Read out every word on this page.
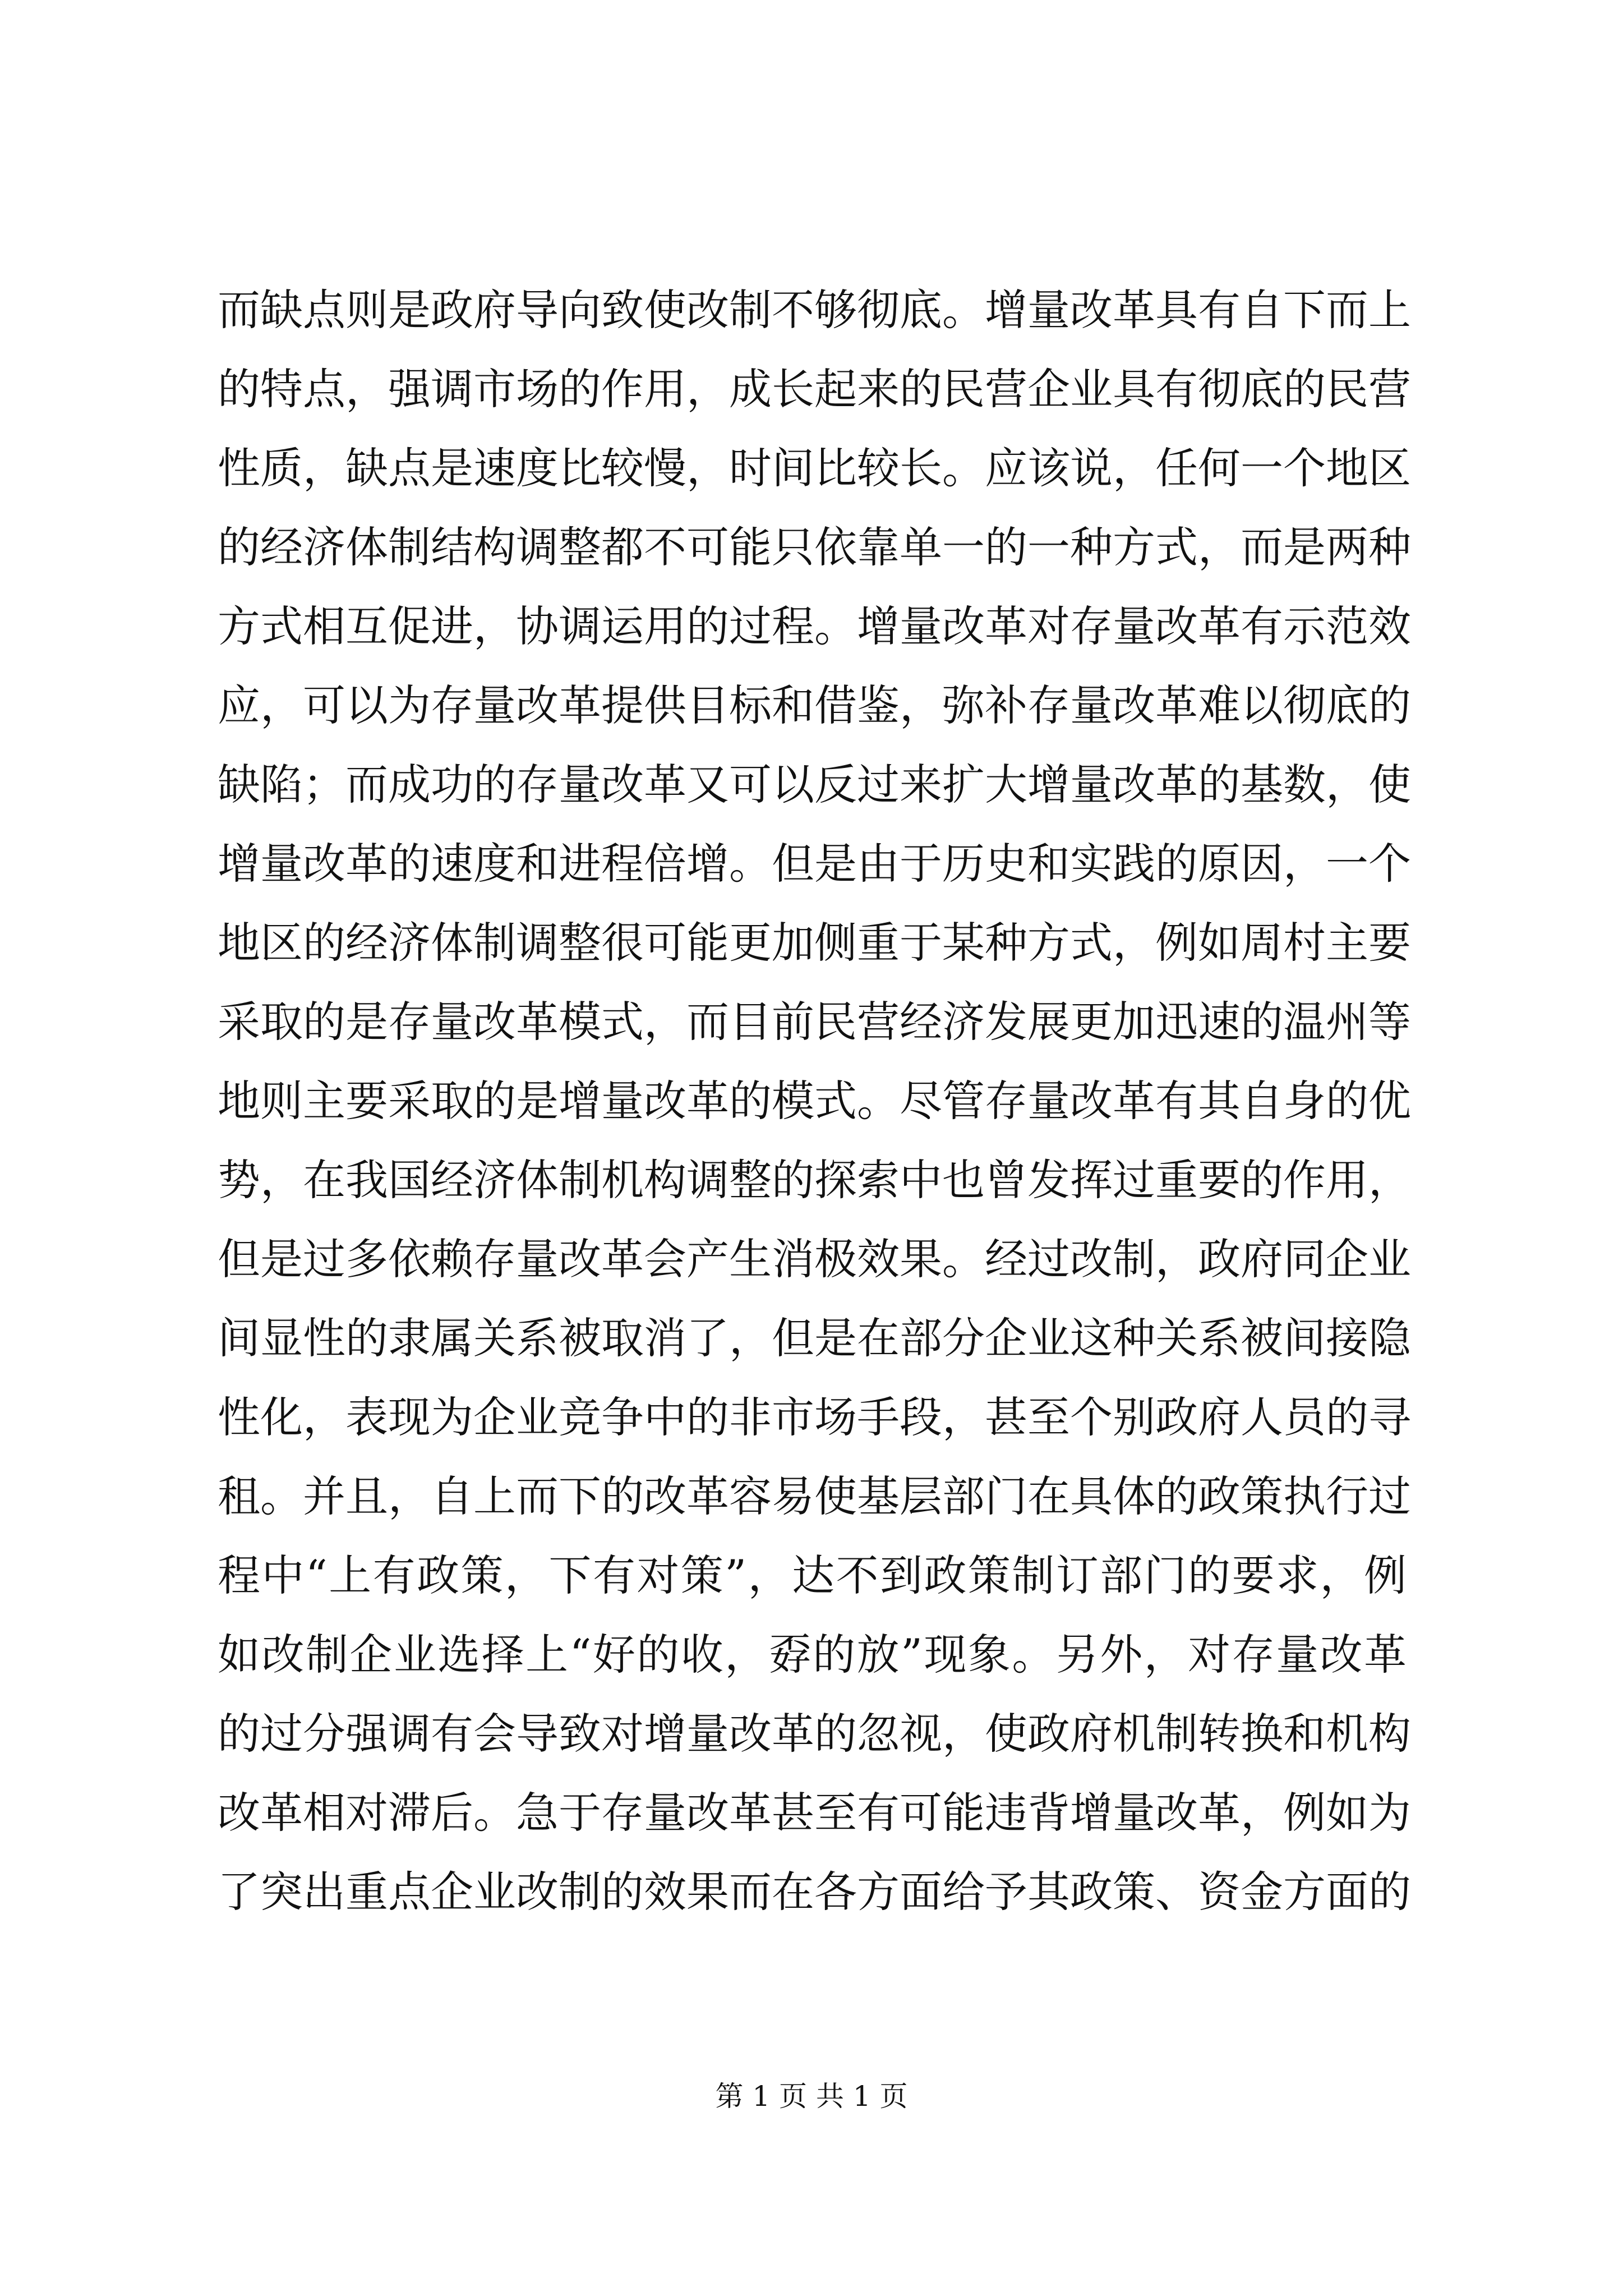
而缺点则是政府导向致使改制不够彻底。增量改革具有自下而上
的特点，强调市场的作用，成长起来的民营企业具有彻底的民营
性质，缺点是速度比较慢，时间比较长。应该说，任何一个地区
的经济体制结构调整都不可能只依靠单一的一种方式，而是两种
方式相互促进，协调运用的过程。增量改革对存量改革有示范效
应，可以为存量改革提供目标和借鉴，弥补存量改革难以彻底的
缺陷；而成功的存量改革又可以反过来扩大增量改革的基数，使
增量改革的速度和进程倍增。但是由于历史和实践的原因，一个
地区的经济体制调整很可能更加侧重于某种方式，例如周村主要
采取的是存量改革模式，而目前民营经济发展更加迅速的温州等
地则主要采取的是增量改革的模式。尽管存量改革有其自身的优
势，在我国经济体制机构调整的探索中也曾发挥过重要的作用，
但是过多依赖存量改革会产生消极效果。经过改制，政府同企业
间显性的隶属关系被取消了，但是在部分企业这种关系被间接隐
性化，表现为企业竞争中的非市场手段，甚至个别政府人员的寻
租。并且，自上而下的改革容易使基层部门在具体的政策执行过
程中“上有政策，下有对策”，达不到政策制订部门的要求，例
如改制企业选择上“好的收，孬的放”现象。另外，对存量改革
的过分强调有会导致对增量改革的忽视，使政府机制转换和机构
改革相对滞后。急于存量改革甚至有可能违背增量改革，例如为
了突出重点企业改制的效果而在各方面给予其政策、资金方面的
第 1 页 共 1 页
